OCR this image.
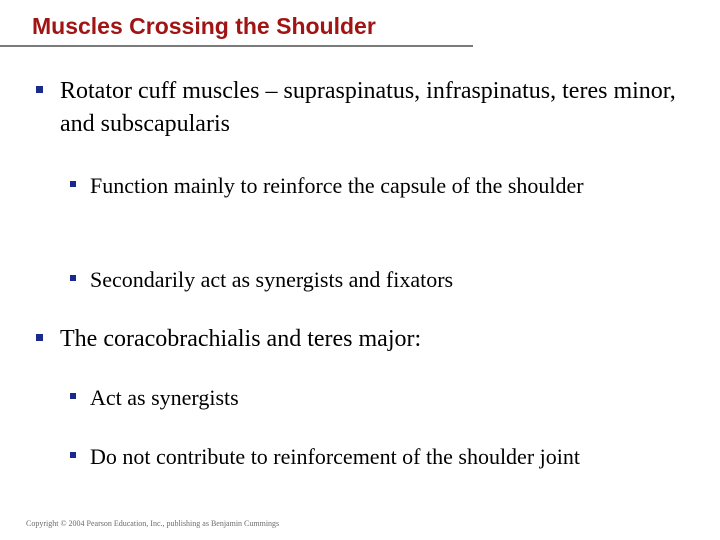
Muscles Crossing the Shoulder
Rotator cuff muscles – supraspinatus, infraspinatus, teres minor, and subscapularis
Function mainly to reinforce the capsule of the shoulder
Secondarily act as synergists and fixators
The coracobrachialis and teres major:
Act as synergists
Do not contribute to reinforcement of the shoulder joint
Copyright © 2004 Pearson Education, Inc., publishing as Benjamin Cummings
